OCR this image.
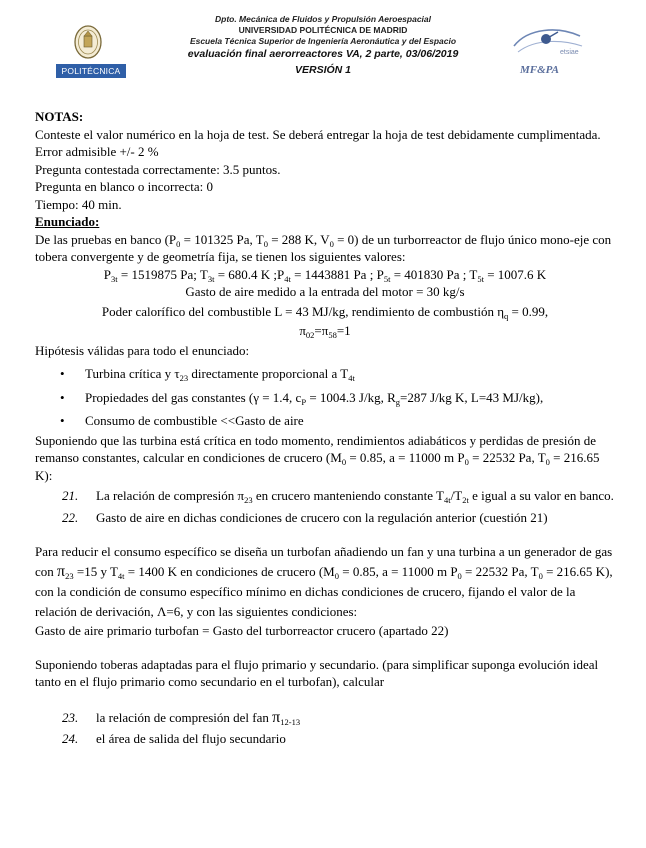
POLITÉCNICA
Dpto. Mecánica de Fluidos y Propulsión Aeroespacial
UNIVERSIDAD POLITÉCNICA DE MADRID
Escuela Técnica Superior de Ingeniería Aeronáutica y del Espacio
evaluación final aerorreactores VA, 2 parte, 03/06/2019
VERSIÓN 1
etsiae
MF&PA

NOTAS:

Conteste el valor numérico en la hoja de test. Se deberá entregar la hoja de test debidamente cumplimentada. Error admisible +/- 2 %

Pregunta contestada correctamente: 3.5 puntos.

Pregunta en blanco o incorrecta: 0

Tiempo: 40 min.

Enunciado:

De las pruebas en banco ($P_0 = 101325$ Pa, $T_0 = 288$ K, $V_0 = 0$) de un turborreactor de flujo único mono-eje con tobera convergente y de geometría fija, se tienen los siguientes valores:

$P_{3t} = 1519875$ Pa; $T_{3t} = 680.4$ K $;P_{4t} = 1443881$ Pa ; $P_{5t} = 401830$ Pa ; $T_{5t} = 1007.6$ K

Gasto de aire medido a la entrada del motor = 30 kg/s

Poder calorífico del combustible L = 43 MJ/kg, rendimiento de combustión $\eta_q = 0.99$,

$\pi_{02}=\pi_{58}=1$

Hipótesis válidas para todo el enunciado:

• Turbina crítica y $\tau_{23}$ directamente proporcional a $T_{4t}$
• Propiedades del gas constantes (γ = 1.4, $c_P = 1004.3$ J/kg, $R_g=287$ J/kg K, L=43 MJ/kg),
• Consumo de combustible <<Gasto de aire

Suponiendo que las turbina está crítica en todo momento, rendimientos adiabáticos y perdidas de presión de remanso constantes, calcular en condiciones de crucero ($M_0 = 0.85$, a = 11000 m $P_0 = 22532$ Pa, $T_0 = 216.65$ K):

21. La relación de compresión $\pi_{23}$ en crucero manteniendo constante $T_{4t}/T_{2t}$ e igual a su valor en banco.
22. Gasto de aire en dichas condiciones de crucero con la regulación anterior (cuestión 21)

Para reducir el consumo específico se diseña un turbofan añadiendo un fan y una turbina a un generador de gas con $\pi_{23} =15$ y $T_{4t} = 1400$ K en condiciones de crucero ($M_0 = 0.85$, a = 11000 m $P_0 = 22532$ Pa, $T_0 = 216.65$ K), con la condición de consumo específico mínimo en dichas condiciones de crucero, fijando el valor de la relación de derivación, Λ=6, y con las siguientes condiciones:

Gasto de aire primario turbofan = Gasto del turborreactor crucero (apartado 22)

Suponiendo toberas adaptadas para el flujo primario y secundario. (para simplificar suponga evolución ideal tanto en el flujo primario como secundario en el turbofan), calcular

23. la relación de compresión del fan $\pi_{12-13}$
24. el área de salida del flujo secundario
